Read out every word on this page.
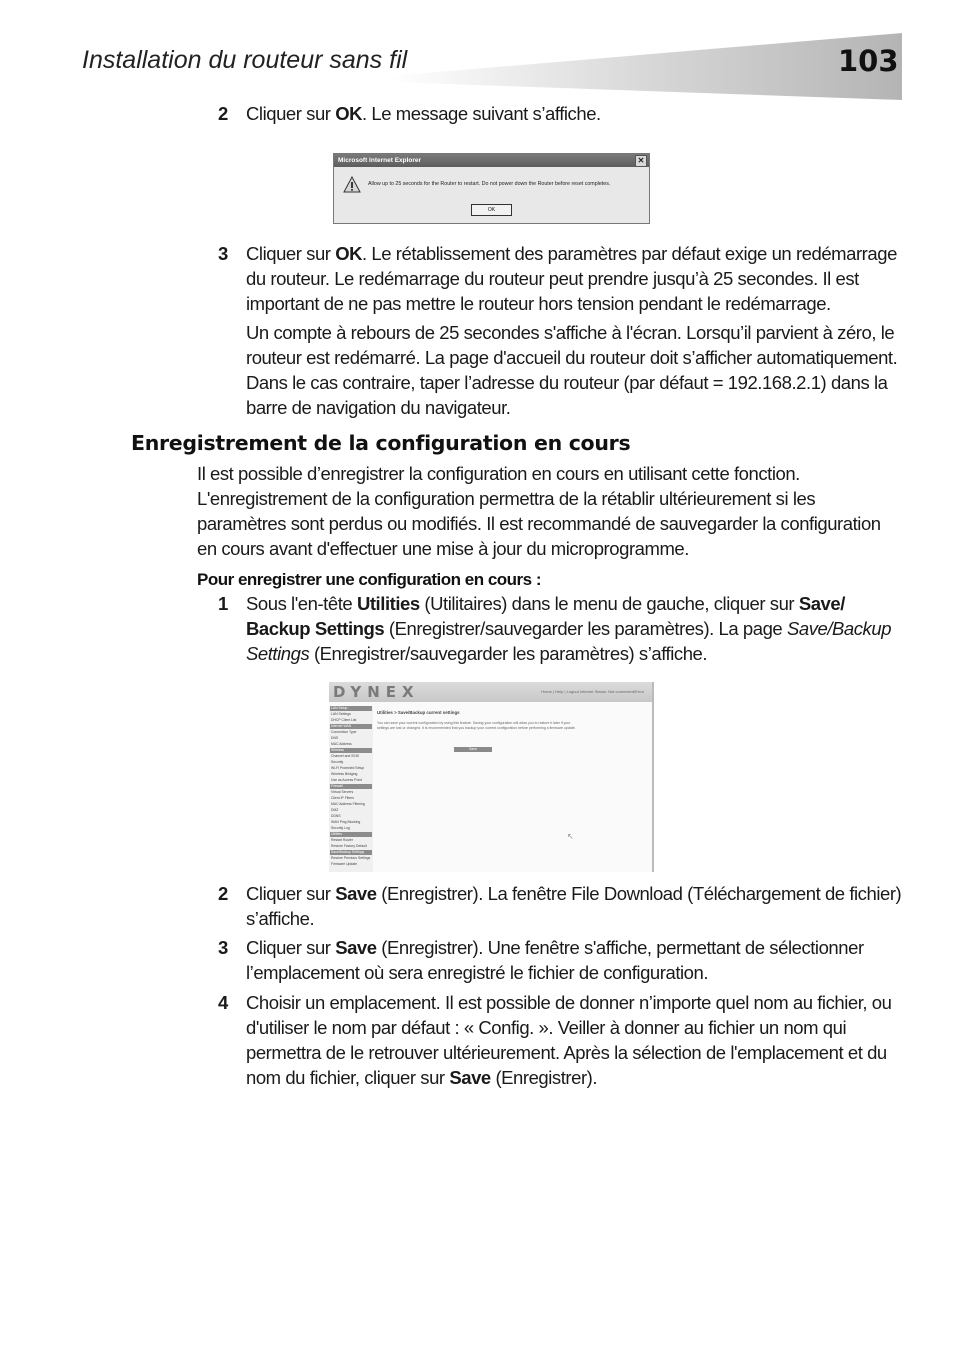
Installation du routeur sans fil	103
2 Cliquer sur OK. Le message suivant s’affiche.
Microsoft Internet Explorer	✕
Allow up to 25 seconds for the Router to restart. Do not power down the Router before reset completes.
OK
3 Cliquer sur OK. Le rétablissement des paramètres par défaut exige un redémarrage du routeur. Le redémarrage du routeur peut prendre jusqu’à 25 secondes. Il est important de ne pas mettre le routeur hors tension pendant le redémarrage.
Un compte à rebours de 25 secondes s'affiche à l'écran. Lorsqu’il parvient à zéro, le routeur est redémarré. La page d'accueil du routeur doit s’afficher automatiquement. Dans le cas contraire, taper l’adresse du routeur (par défaut = 192.168.2.1) dans la barre de navigation du navigateur.
Enregistrement de la configuration en cours
Il est possible d’enregistrer la configuration en cours en utilisant cette fonction. L'enregistrement de la configuration permettra de la rétablir ultérieurement si les paramètres sont perdus ou modifiés. Il est recommandé de sauvegarder la configuration en cours avant d'effectuer une mise à jour du microprogramme.
Pour enregistrer une configuration en cours :
1 Sous l'en-tête Utilities (Utilitaires) dans le menu de gauche, cliquer sur Save/ Backup Settings (Enregistrer/sauvegarder les paramètres). La page Save/Backup Settings (Enregistrer/sauvegarder les paramètres) s’affiche.
DYNEX	Home | Help | Logout Internet Status: Not connected/Error
LAN Setup
LAN Settings
DHCP Client List
Internet WAN
Connection Type
DNS
MAC Address
Wireless
Channel and SSID
Security
Wi-Fi Protected Setup
Wireless Bridging
Use as Access Point
Firewall
Virtual Servers
Client IP Filters
MAC Address Filtering
DMZ
DDNS
WAN Ping Blocking
Security Log
Utilities
Restart Router
Restore Factory Default
Save/Backup Settings
Restore Previous Settings
Firmware Update
Utilities > Save/Backup current settings
You can save your current configuration by using this feature. Saving your configuration will allow you to restore it later if your settings are lost or changed. It is recommended that you backup your current configuration before performing a firmware update.
Save
↖
2 Cliquer sur Save (Enregistrer). La fenêtre File Download (Téléchargement de fichier) s’affiche.
3 Cliquer sur Save (Enregistrer). Une fenêtre s'affiche, permettant de sélectionner l’emplacement où sera enregistré le fichier de configuration.
4 Choisir un emplacement. Il est possible de donner n’importe quel nom au fichier, ou d'utiliser le nom par défaut : « Config. ». Veiller à donner au fichier un nom qui permettra de le retrouver ultérieurement. Après la sélection de l'emplacement et du nom du fichier, cliquer sur Save (Enregistrer).
